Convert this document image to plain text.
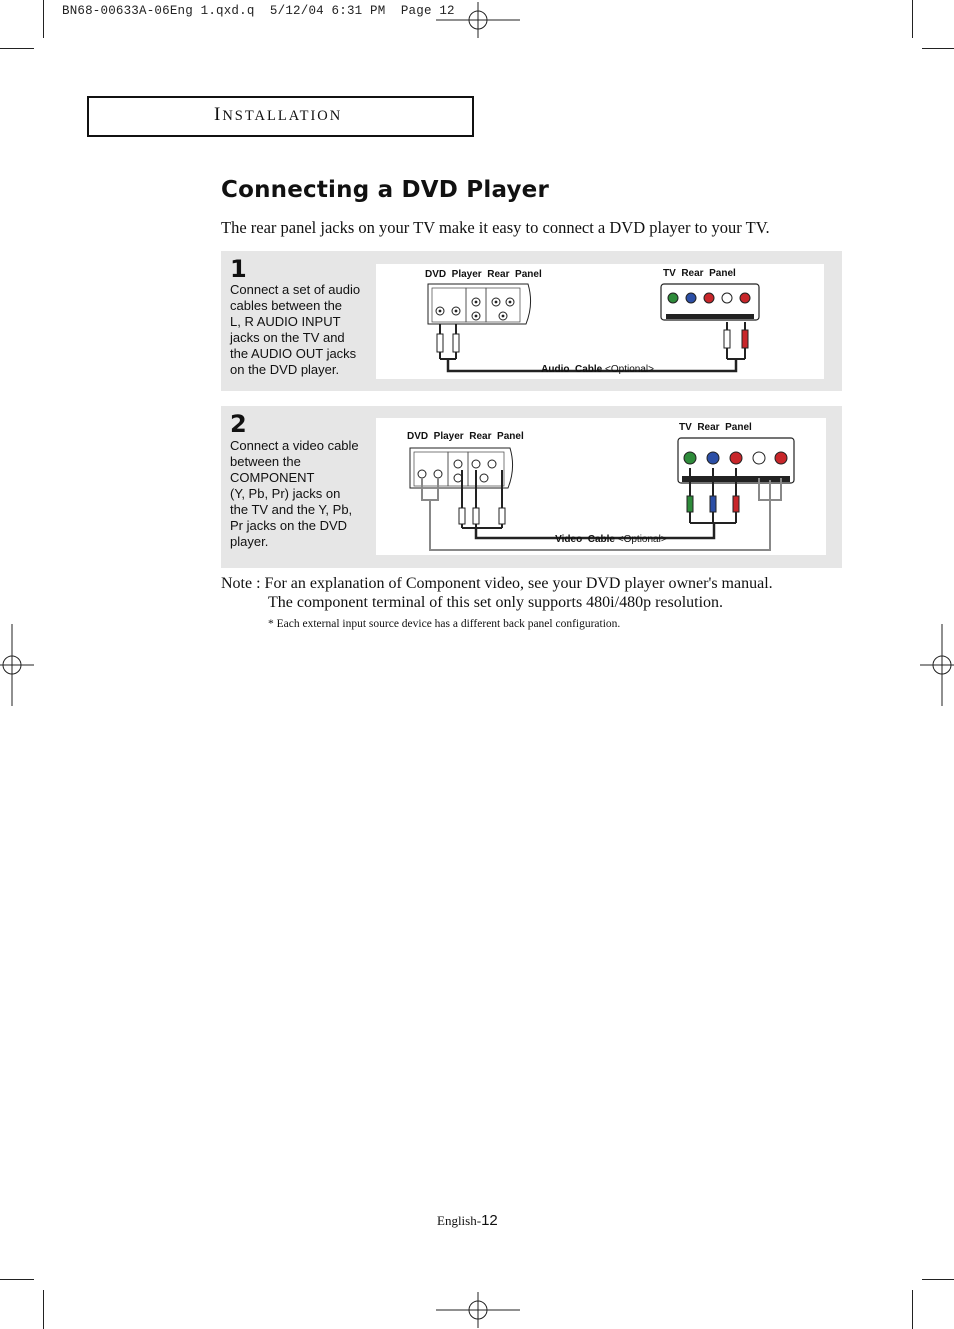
BN68-00633A-06Eng 1.qxd.q  5/12/04 6:31 PM  Page 12
INSTALLATION
Connecting a DVD Player
The rear panel jacks on your TV make it easy to connect a DVD player to your TV.
1
Connect a set of audio
cables between the
L, R AUDIO INPUT
jacks on the TV and
the AUDIO OUT jacks
on the DVD player.
DVD  Player  Rear  Panel	TV  Rear  Panel

Audio  Cable <Optional>

2
Connect a video cable
between the
COMPONENT
(Y, Pb, Pr) jacks on
the TV and the Y, Pb,
Pr jacks on the DVD
player.
DVD  Player  Rear  Panel
TV  Rear  Panel

Video  Cable <Optional>

Note : For an explanation of Component video, see your DVD player owner's manual.
The component terminal of this set only supports 480i/480p resolution.
* Each external input source device has a different back panel configuration.
English-12
